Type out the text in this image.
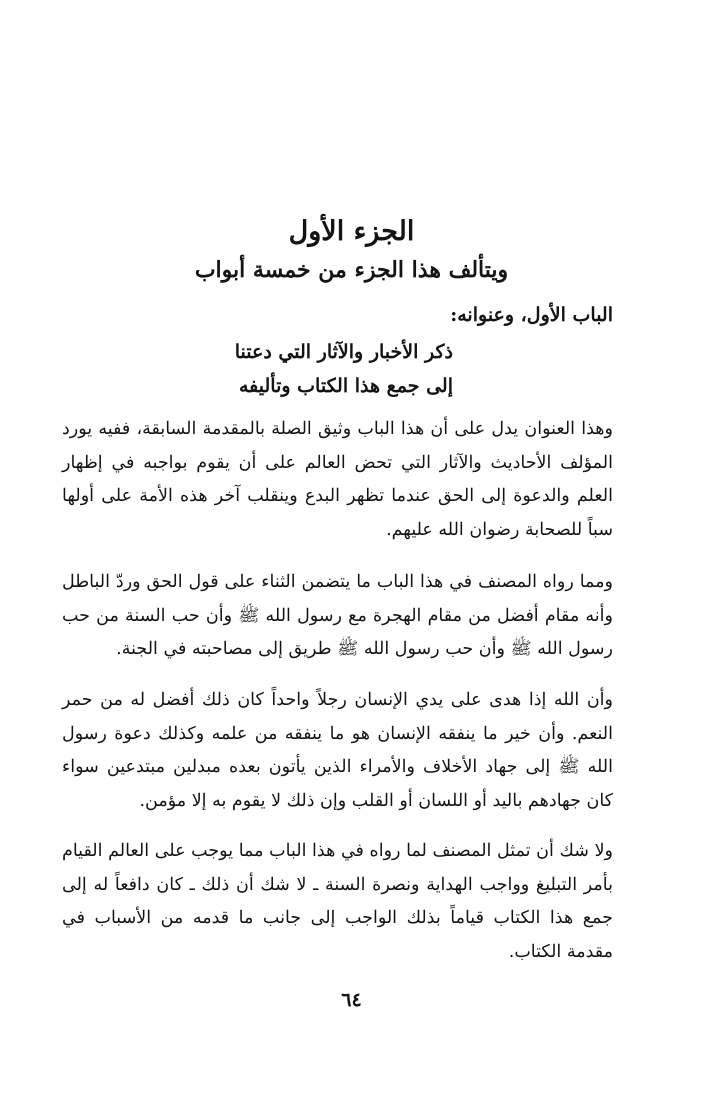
الجزء الأول
ويتألف هذا الجزء من خمسة أبواب
الباب الأول، وعنوانه:
ذكر الأخبار والآثار التي دعتنا
إلى جمع هذا الكتاب وتأليفه

وهذا العنوان يدل على أن هذا الباب وثيق الصلة بالمقدمة السابقة، ففيه يورد المؤلف الأحاديث والآثار التي تحض العالم على أن يقوم بواجبه في إظهار العلم والدعوة إلى الحق عندما تظهر البدع وينقلب آخر هذه الأمة على أولها سباً للصحابة رضوان الله عليهم.

ومما رواه المصنف في هذا الباب ما يتضمن الثناء على قول الحق وردّ الباطل وأنه مقام أفضل من مقام الهجرة مع رسول الله ﷺ وأن حب السنة من حب رسول الله ﷺ وأن حب رسول الله ﷺ طريق إلى مصاحبته في الجنة.

وأن الله إذا هدى على يدي الإنسان رجلاً واحداً كان ذلك أفضل له من حمر النعم. وأن خير ما ينفقه الإنسان هو ما ينفقه من علمه وكذلك دعوة رسول الله ﷺ إلى جهاد الأخلاف والأمراء الذين يأتون بعده مبدلين مبتدعين سواء كان جهادهم باليد أو اللسان أو القلب وإن ذلك لا يقوم به إلا مؤمن.

ولا شك أن تمثل المصنف لما رواه في هذا الباب مما يوجب على العالم القيام بأمر التبليغ وواجب الهداية ونصرة السنة ـ لا شك أن ذلك ـ كان دافعاً له إلى جمع هذا الكتاب قياماً بذلك الواجب إلى جانب ما قدمه من الأسباب في مقدمة الكتاب.

٦٤
